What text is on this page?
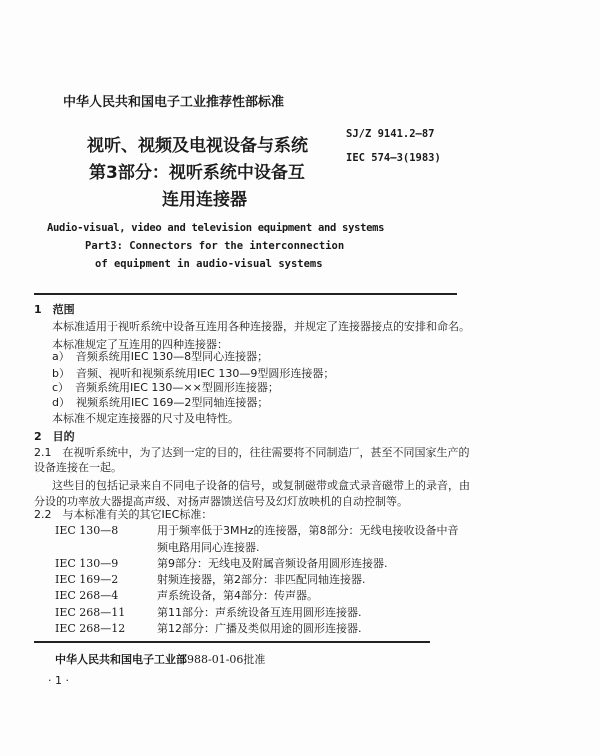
中华人民共和国电子工业推荐性部标准
视听、视频及电视设备与系统
第3部分：视听系统中设备互
连用连接器
SJ/Z 9141.2—87
IEC 574—3(1983)
Audio-visual, video and television equipment and systems
Part3: Connectors for the interconnection
of equipment in audio-visual systems
1　范围
本标准适用于视听系统中设备互连用各种连接器，并规定了连接器接点的安排和命名。
本标准规定了互连用的四种连接器：
a） 音频系统用IEC 130—8型同心连接器；
b） 音频、视听和视频系统用IEC 130—9型圆形连接器；
c） 音频系统用IEC 130—××型圆形连接器；
d） 视频系统用IEC 169—2型同轴连接器；
本标准不规定连接器的尺寸及电特性。
2　目的
2.1　在视听系统中，为了达到一定的目的，往往需要将不同制造厂，甚至不同国家生产的
设备连接在一起。
这些目的包括记录来自不同电子设备的信号，或复制磁带或盒式录音磁带上的录音，由
分设的功率放大器提高声级、对扬声器馈送信号及幻灯放映机的自动控制等。
2.2　与本标准有关的其它IEC标准：
IEC 130—8	用于频率低于3MHz的连接器，第8部分：无线电接收设备中音
频电路用同心连接器.
IEC 130—9	第9部分：无线电及附属音频设备用圆形连接器.
IEC 169—2	射频连接器，第2部分：非匹配同轴连接器.
IEC 268—4	声系统设备，第4部分：传声器。
IEC 268—11	第11部分：声系统设备互连用圆形连接器.
IEC 268—12	第12部分：广播及类似用途的圆形连接器.
中华人民共和国电子工业部
1988-01-06批准
· 1 ·
